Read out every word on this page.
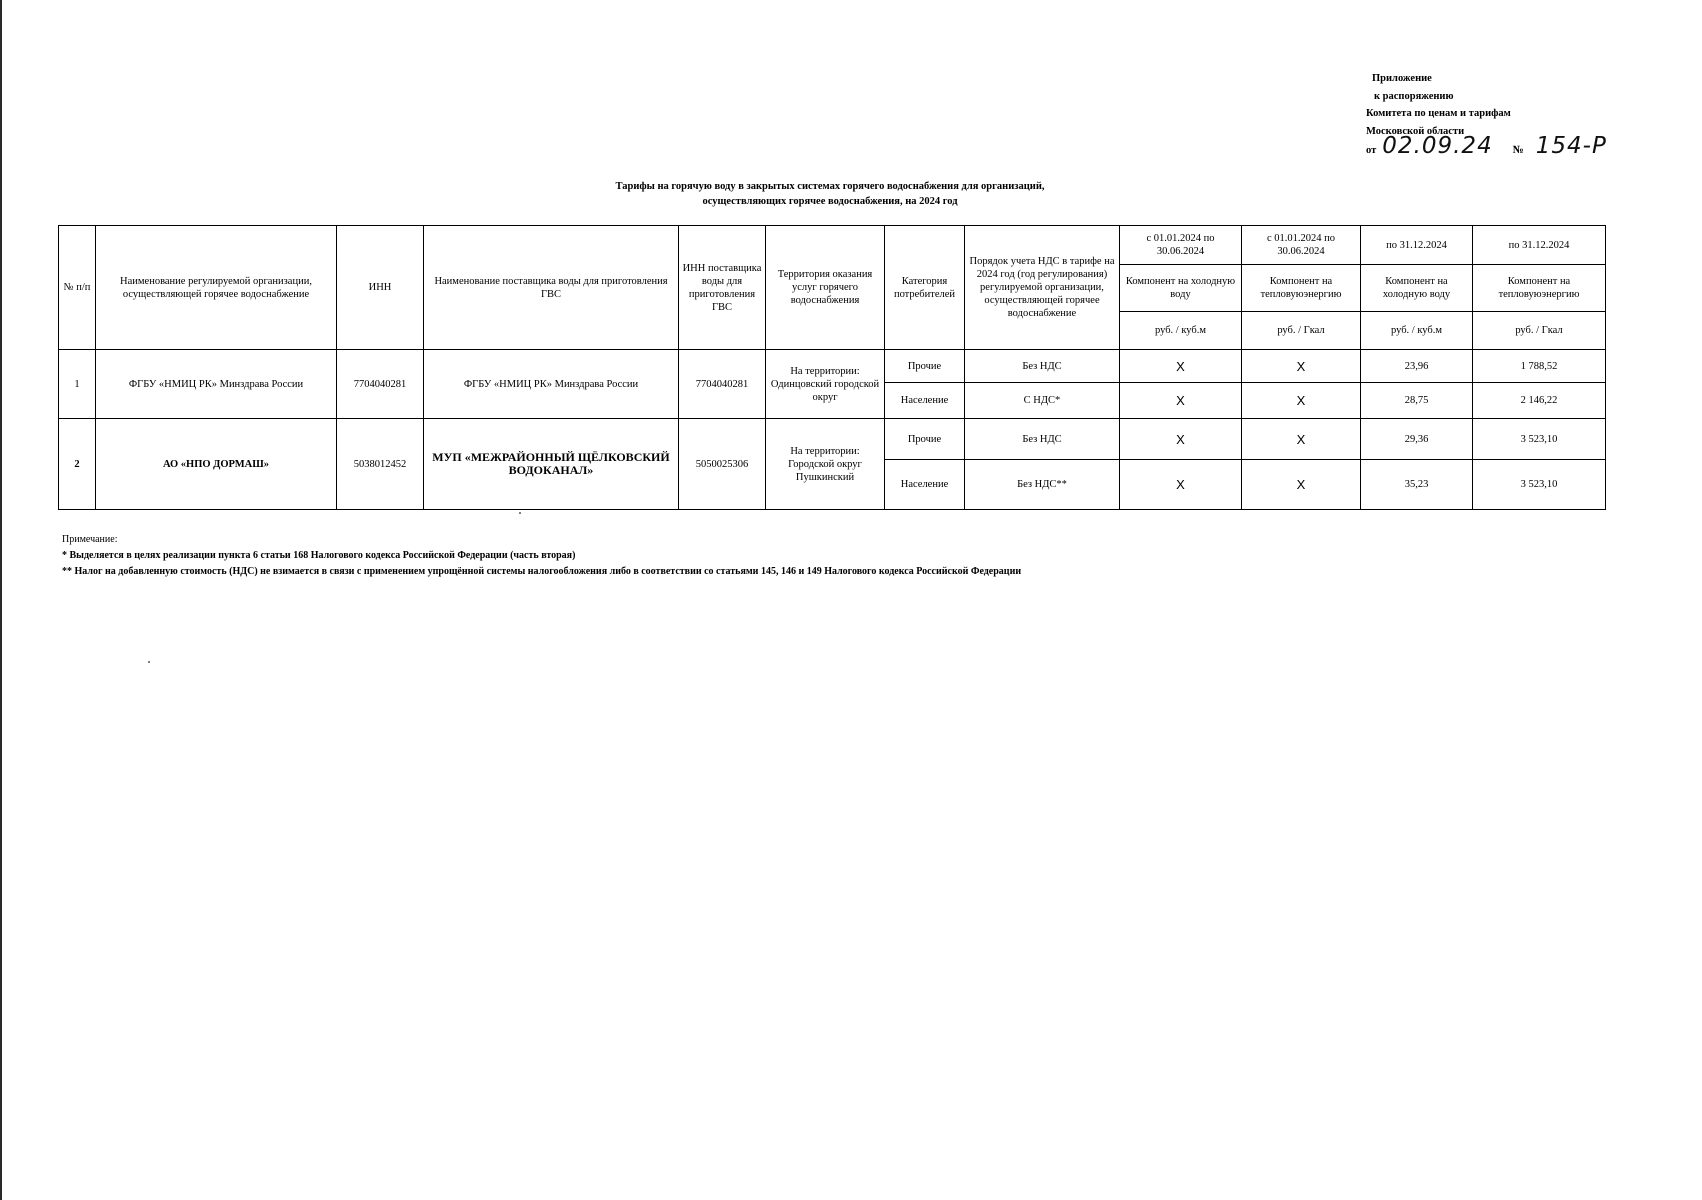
Приложение
к распоряжению
Комитета по ценам и тарифам
Московской области
от 02.09.24 № 154-Р
Тарифы на горячую воду в закрытых системах горячего водоснабжения для организаций,
осуществляющих горячее водоснабжения, на 2024 год
№ п/п	Наименование регулируемой организации, осуществляющей горячее водоснабжение	ИНН	Наименование поставщика воды для приготовления ГВС	ИНН поставщика воды для приготовления ГВС	Территория оказания услуг горячего водоснабжения	Категория потребителей	Порядок учета НДС в тарифе на 2024 год (год регулирования) регулируемой организации, осуществляющей горячее водоснабжение	с 01.01.2024 по 30.06.2024	с 01.01.2024 по 30.06.2024	по 31.12.2024	по 31.12.2024
								Компонент на холодную воду	Компонент на тепловуюэнергию	Компонент на холодную воду	Компонент на тепловуюэнергию
								руб. / куб.м	руб. / Гкал	руб. / куб.м	руб. / Гкал
1	ФГБУ «НМИЦ РК» Минздрава России	7704040281	ФГБУ «НМИЦ РК» Минздрава России	7704040281	На территории: Одинцовский городской округ	Прочие	Без НДС	X	X	23,96	1 788,52
						Население	С НДС*	X	X	28,75	2 146,22
2	АО «НПО ДОРМАШ»	5038012452	МУП «МЕЖРАЙОННЫЙ ЩЁЛКОВСКИЙ ВОДОКАНАЛ»	5050025306	На территории: Городской округ Пушкинский	Прочие	Без НДС	X	X	29,36	3 523,10
						Население	Без НДС**	X	X	35,23	3 523,10
Примечание:
* Выделяется в целях реализации пункта 6 статьи 168 Налогового кодекса Российской Федерации (часть вторая)
** Налог на добавленную стоимость (НДС) не взимается в связи с применением упрощённой системы налогообложения либо в соответствии со статьями 145, 146 и 149 Налогового кодекса Российской Федерации
